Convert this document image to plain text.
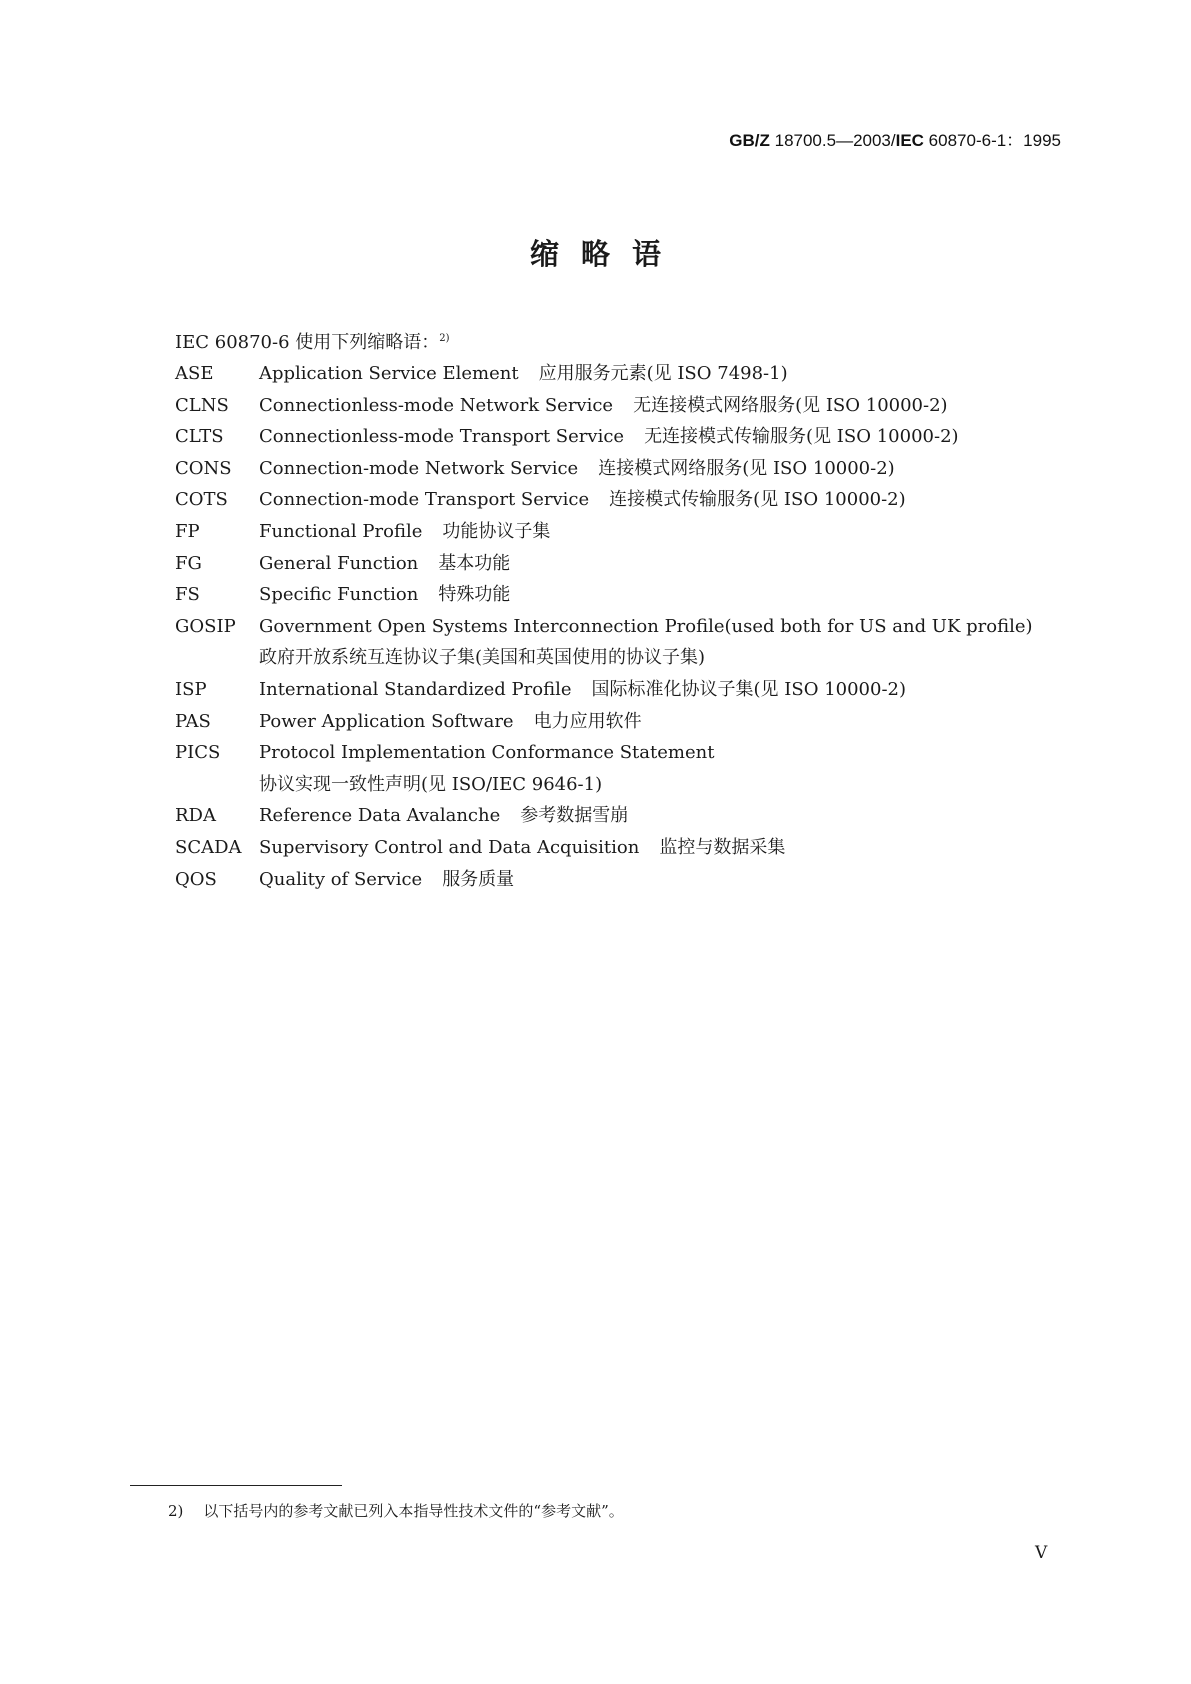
GB/Z 18700.5—2003/IEC 60870-6-1：1995
缩略语
IEC 60870-6 使用下列缩略语：$^{2)}$
ASE	Application Service Element 应用服务元素(见 ISO 7498-1)
CLNS	Connectionless-mode Network Service 无连接模式网络服务(见 ISO 10000-2)
CLTS	Connectionless-mode Transport Service 无连接模式传输服务(见 ISO 10000-2)
CONS	Connection-mode Network Service 连接模式网络服务(见 ISO 10000-2)
COTS	Connection-mode Transport Service 连接模式传输服务(见 ISO 10000-2)
FP	Functional Profile 功能协议子集
FG	General Function 基本功能
FS	Specific Function 特殊功能
GOSIP	Government Open Systems Interconnection Profile(used both for US and UK profile)
政府开放系统互连协议子集(美国和英国使用的协议子集)
ISP	International Standardized Profile 国际标准化协议子集(见 ISO 10000-2)
PAS	Power Application Software 电力应用软件
PICS	Protocol Implementation Conformance Statement
协议实现一致性声明(见 ISO/IEC 9646-1)
RDA	Reference Data Avalanche 参考数据雪崩
SCADA Supervisory Control and Data Acquisition 监控与数据采集
QOS	Quality of Service 服务质量
2) 以下括号内的参考文献已列入本指导性技术文件的“参考文献”。
V
